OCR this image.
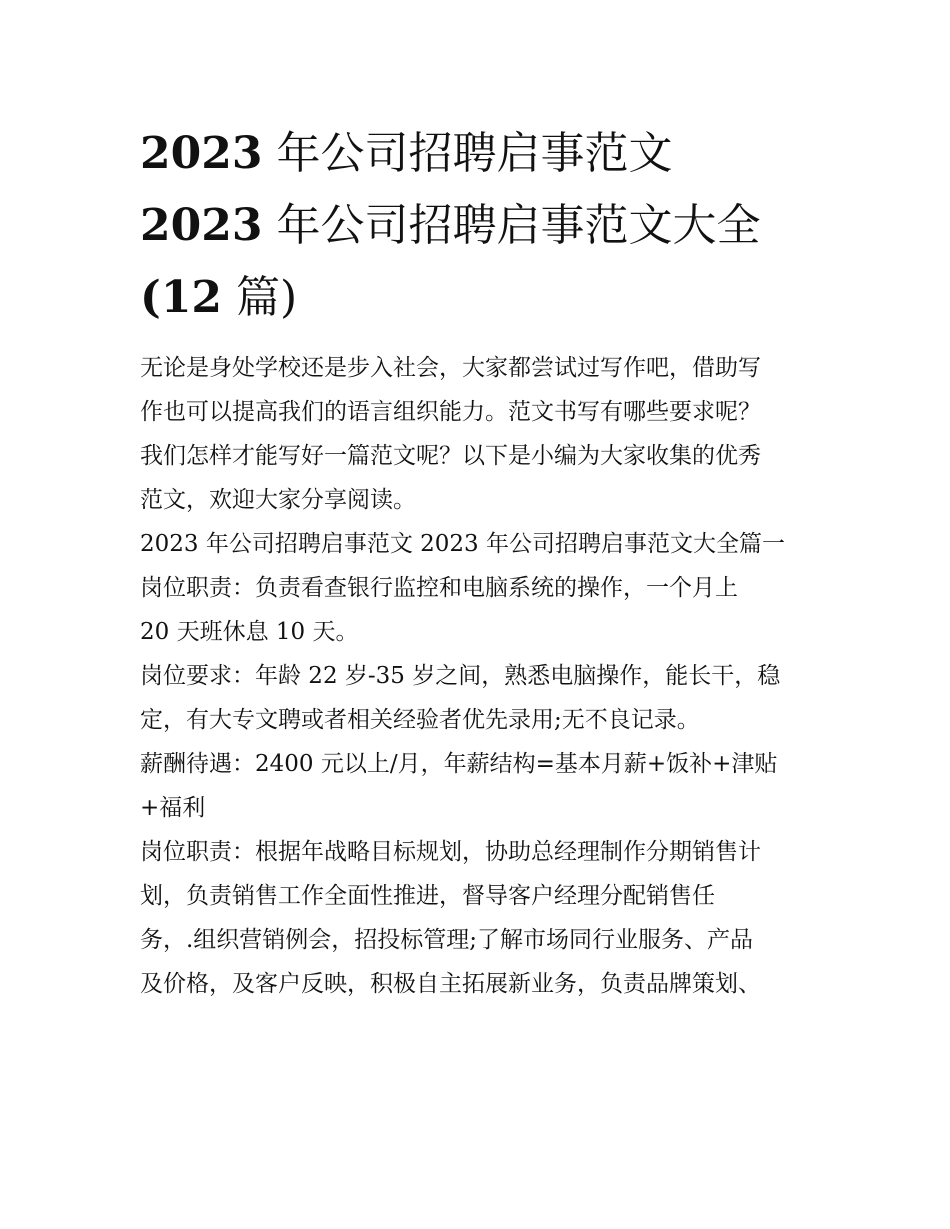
2023 年公司招聘启事范文
2023 年公司招聘启事范文大全
(12 篇)

无论是身处学校还是步入社会，大家都尝试过写作吧，借助写
作也可以提高我们的语言组织能力。范文书写有哪些要求呢？
我们怎样才能写好一篇范文呢？以下是小编为大家收集的优秀
范文，欢迎大家分享阅读。

2023 年公司招聘启事范文 2023 年公司招聘启事范文大全篇一

岗位职责：负责看查银行监控和电脑系统的操作，一个月上
20 天班休息 10 天。

岗位要求：年龄 22 岁-35 岁之间，熟悉电脑操作，能长干，稳
定，有大专文聘或者相关经验者优先录用;无不良记录。

薪酬待遇：2400 元以上/月，年薪结构=基本月薪+饭补+津贴
+福利

岗位职责：根据年战略目标规划，协助总经理制作分期销售计
划，负责销售工作全面性推进，督导客户经理分配销售任
务，.组织营销例会，招投标管理;了解市场同行业服务、产品
及价格，及客户反映，积极自主拓展新业务，负责品牌策划、
